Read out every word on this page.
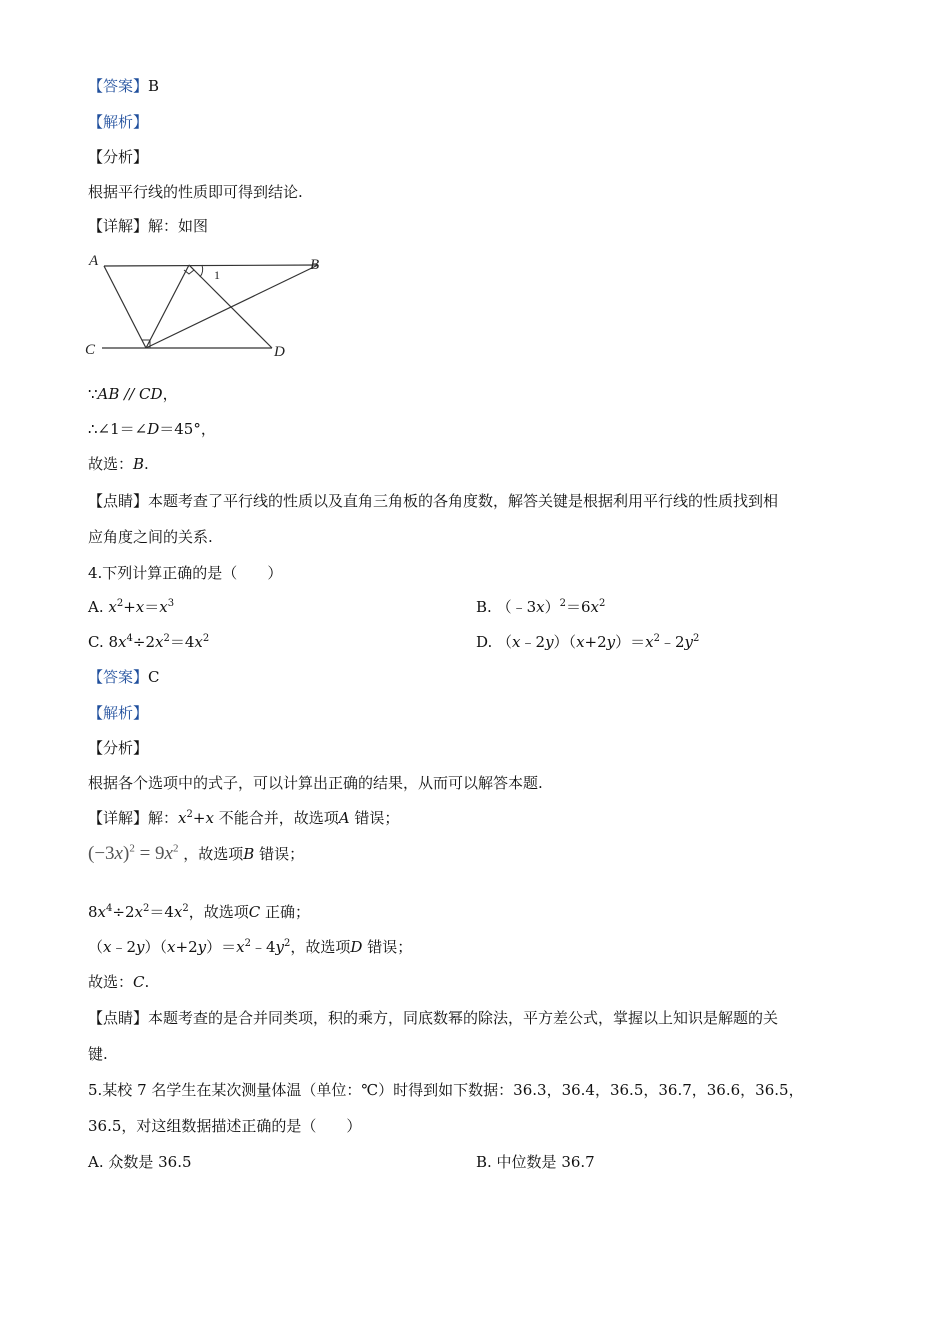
【答案】B
【解析】
【分析】
根据平行线的性质即可得到结论.
【详解】解：如图
A	B
C	D
1
∵AB // CD，
∴∠1＝∠D＝45°，
故选：B.
【点睛】本题考查了平行线的性质以及直角三角板的各角度数，解答关键是根据利用平行线的性质找到相
应角度之间的关系.
4.下列计算正确的是（　　）
A. $x^2+x=x^3$	B. $(﹣3x)^2=6x^2$
C. $8x^4\div 2x^2=4x^2$	D. $(x﹣2y)(x+2y)=x^2﹣2y^2$
【答案】C
【解析】
【分析】
根据各个选项中的式子，可以计算出正确的结果，从而可以解答本题.
【详解】解：$x^2+x$ 不能合并，故选项A 错误；
$(-3x)^2 = 9x^2$ ，故选项B 错误；
$8x^4\div 2x^2=4x^2$，故选项C 正确；
$(x﹣2y)(x+2y)=x^2﹣4y^2$，故选项D 错误；
故选：C.
【点睛】本题考查的是合并同类项，积的乘方，同底数幂的除法，平方差公式，掌握以上知识是解题的关
键.
5.某校 7 名学生在某次测量体温（单位：℃）时得到如下数据：36.3，36.4，36.5，36.7，36.6，36.5，
36.5，对这组数据描述正确的是（　　）
A. 众数是 36.5	B. 中位数是 36.7
